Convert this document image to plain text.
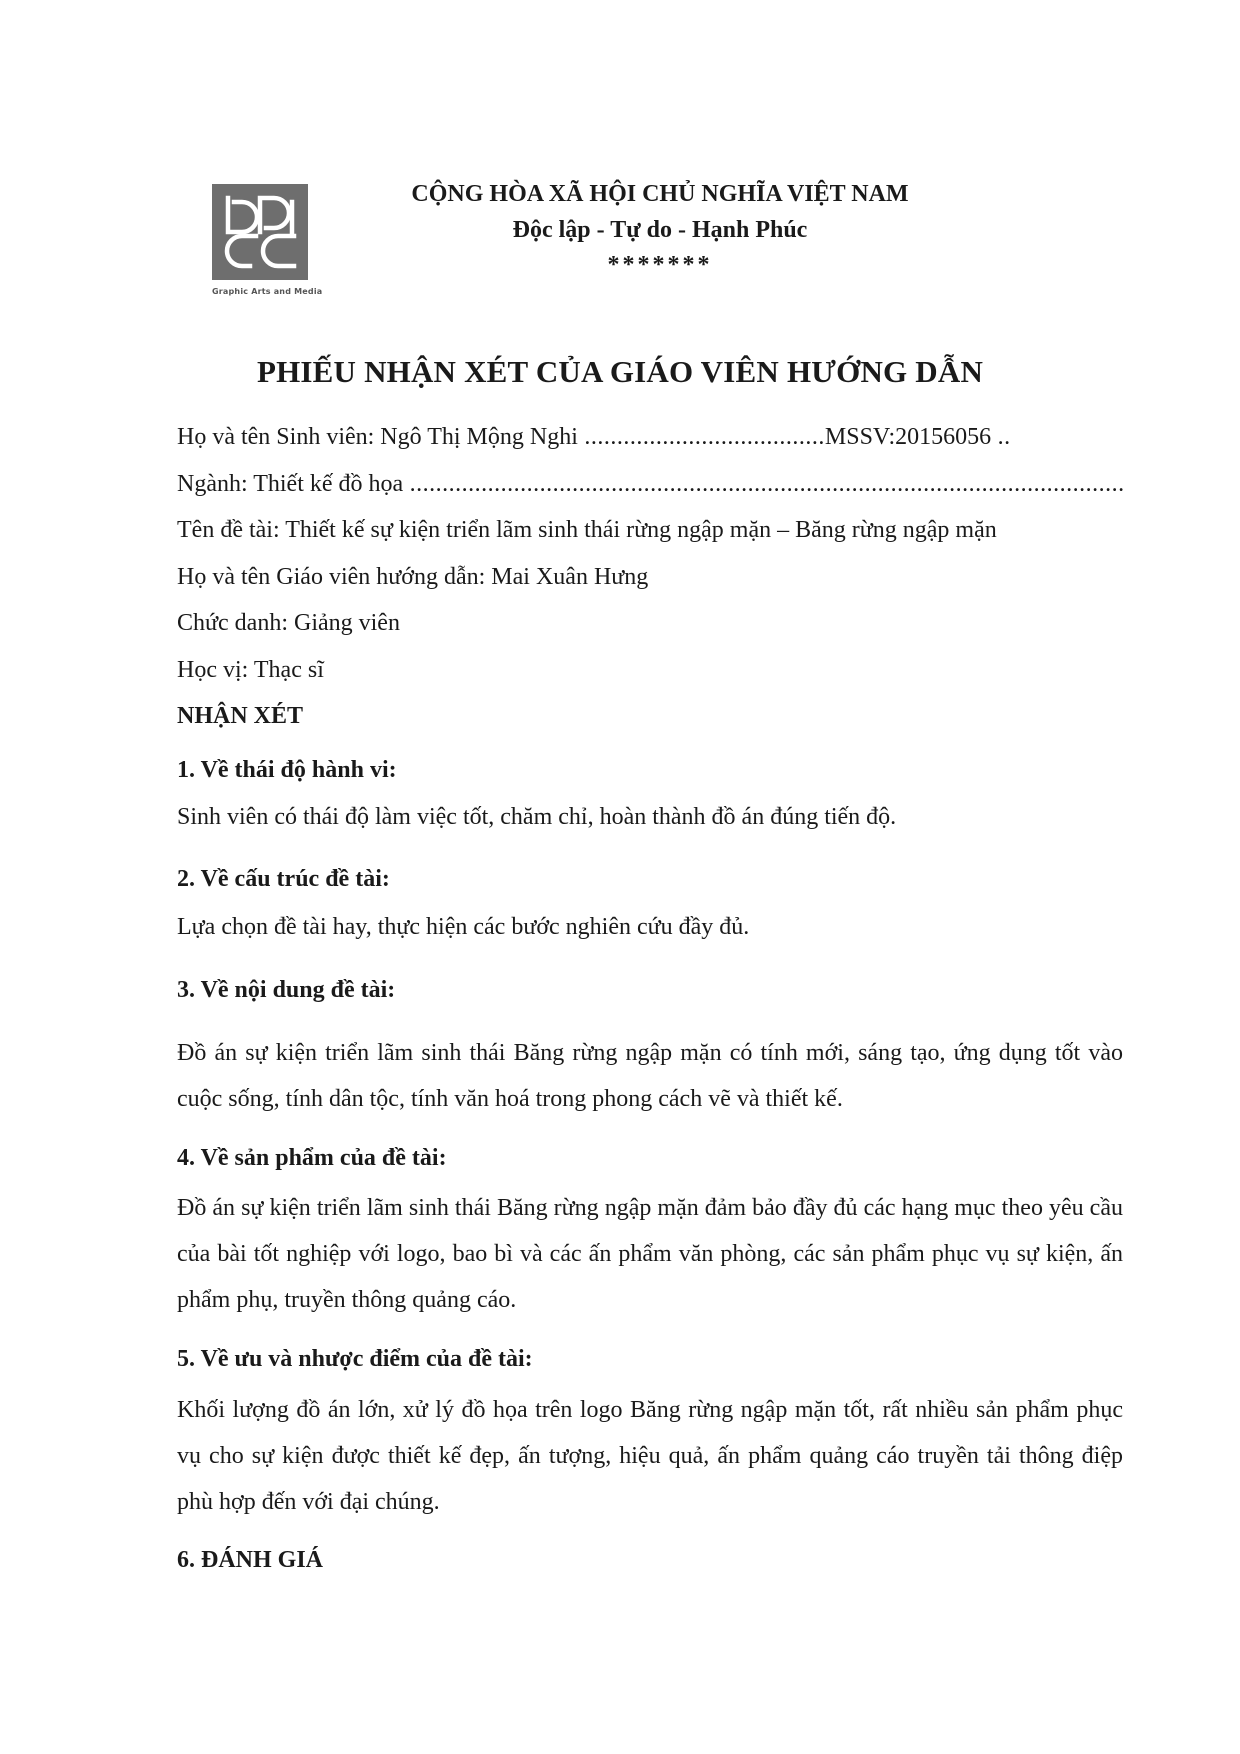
Graphic Arts and Media
CỘNG HÒA XÃ HỘI CHỦ NGHĨA VIỆT NAM
Độc lập - Tự do - Hạnh Phúc
*******
PHIẾU NHẬN XÉT CỦA GIÁO VIÊN HƯỚNG DẪN
Họ và tên Sinh viên: Ngô Thị Mộng Nghi .....................................MSSV:20156056 ..
Ngành: Thiết kế đồ họa ..............................................................................................................
Tên đề tài: Thiết kế sự kiện triển lãm sinh thái rừng ngập mặn – Băng rừng ngập mặn
Họ và tên Giáo viên hướng dẫn: Mai Xuân Hưng
Chức danh: Giảng viên
Học vị: Thạc sĩ
NHẬN XÉT
1. Về thái độ hành vi:
Sinh viên có thái độ làm việc tốt, chăm chỉ, hoàn thành đồ án đúng tiến độ.
2. Về cấu trúc đề tài:
Lựa chọn đề tài hay, thực hiện các bước nghiên cứu đầy đủ.
3. Về nội dung đề tài:
Đồ án sự kiện triển lãm sinh thái Băng rừng ngập mặn có tính mới, sáng tạo, ứng dụng tốt vào cuộc sống, tính dân tộc, tính văn hoá trong phong cách vẽ và thiết kế.
4. Về sản phẩm của đề tài:
Đồ án sự kiện triển lãm sinh thái Băng rừng ngập mặn đảm bảo đầy đủ các hạng mục theo yêu cầu của bài tốt nghiệp với logo, bao bì và các ấn phẩm văn phòng, các sản phẩm phục vụ sự kiện, ấn phẩm phụ, truyền thông quảng cáo.
5. Về ưu và nhược điểm của đề tài:
Khối lượng đồ án lớn, xử lý đồ họa trên logo Băng rừng ngập mặn tốt, rất nhiều sản phẩm phục vụ cho sự kiện được thiết kế đẹp, ấn tượng, hiệu quả, ấn phẩm quảng cáo truyền tải thông điệp phù hợp đến với đại chúng.
6. ĐÁNH GIÁ
